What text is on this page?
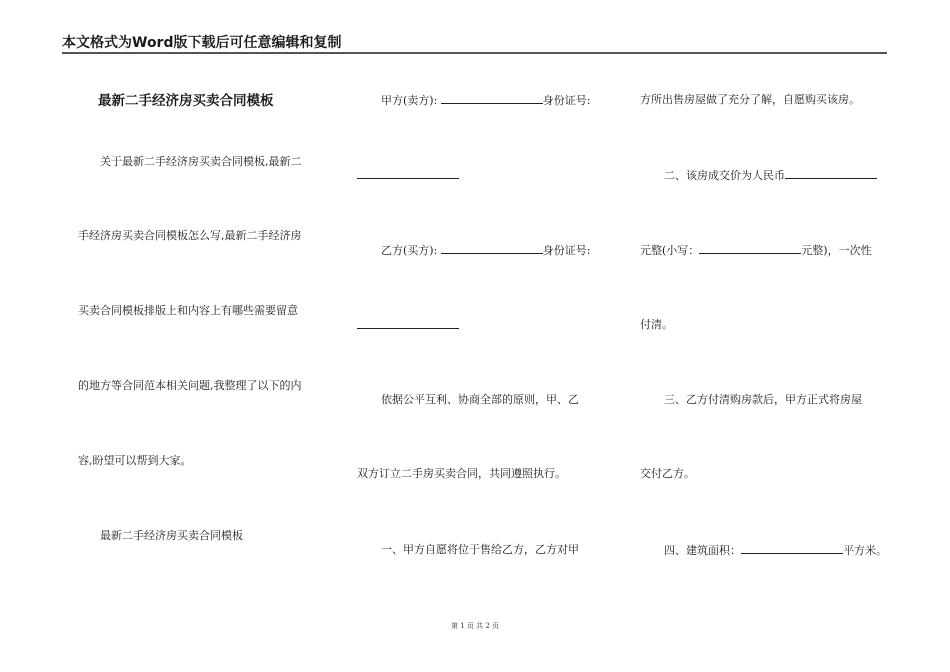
本文格式为Word版下载后可任意编辑和复制
最新二手经济房买卖合同模板
关于最新二手经济房买卖合同模板,最新二
手经济房买卖合同模板怎么写,最新二手经济房
买卖合同模板排版上和内容上有哪些需要留意
的地方等合同范本相关问题,我整理了以下的内
容,盼望可以帮到大家。
最新二手经济房买卖合同模板
甲方(卖方):	身份证号:
乙方(买方):	身份证号:
依据公平互利、协商全部的原则，甲、乙
双方订立二手房买卖合同，共同遵照执行。
一、甲方自愿将位于售给乙方，乙方对甲
方所出售房屋做了充分了解，自愿购买该房。
二、该房成交价为人民币
元整(小写：	元整)，一次性
付清。
三、乙方付清购房款后，甲方正式将房屋
交付乙方。
四、建筑面积：	平方米。
第 1 页 共 2 页
